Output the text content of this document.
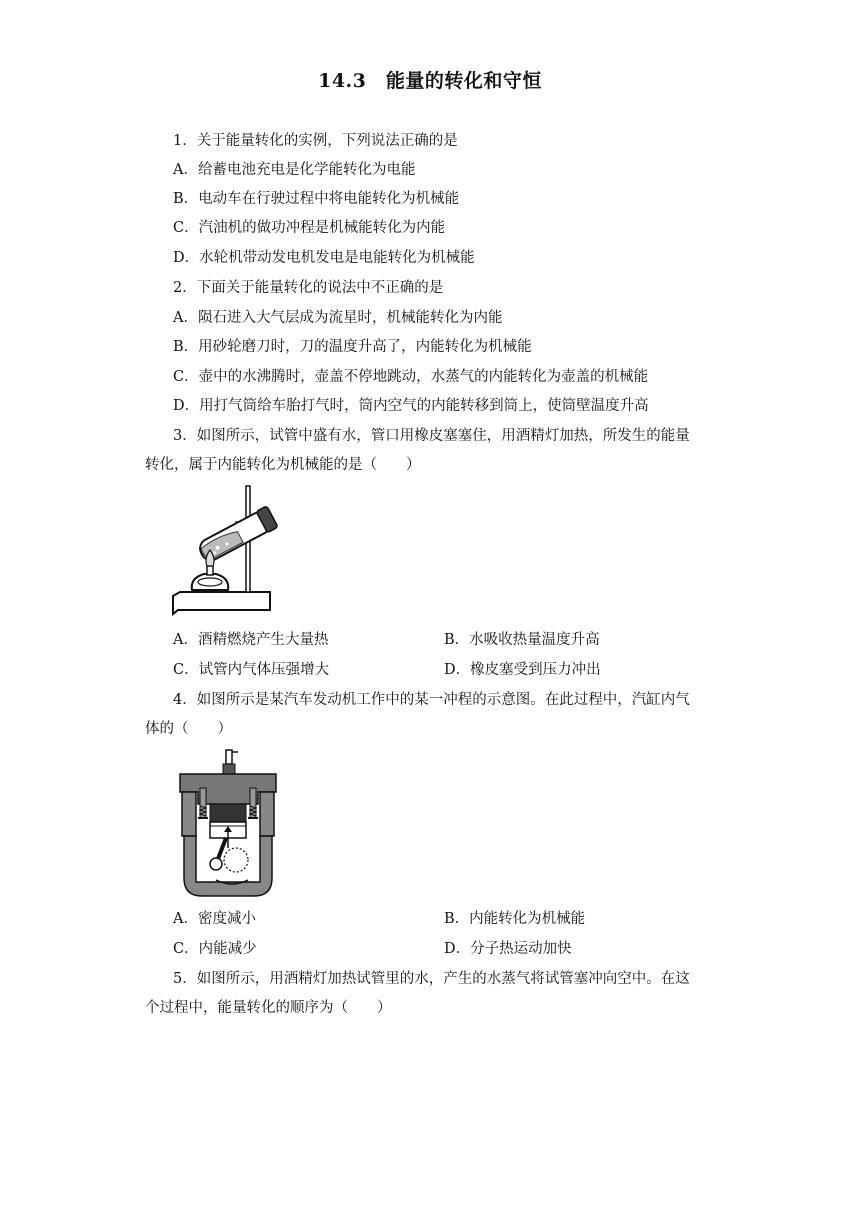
14.3　能量的转化和守恒
1．关于能量转化的实例，下列说法正确的是
A．给蓄电池充电是化学能转化为电能
B．电动车在行驶过程中将电能转化为机械能
C．汽油机的做功冲程是机械能转化为内能
D．水轮机带动发电机发电是电能转化为机械能
2．下面关于能量转化的说法中不正确的是
A．陨石进入大气层成为流星时，机械能转化为内能
B．用砂轮磨刀时，刀的温度升高了，内能转化为机械能
C．壶中的水沸腾时，壶盖不停地跳动，水蒸气的内能转化为壶盖的机械能
D．用打气筒给车胎打气时，筒内空气的内能转移到筒上，使筒壁温度升高
3．如图所示，试管中盛有水，管口用橡皮塞塞住，用酒精灯加热，所发生的能量
转化，属于内能转化为机械能的是（　　）
A．酒精燃烧产生大量热	B．水吸收热量温度升高
C．试管内气体压强增大	D．橡皮塞受到压力冲出
4．如图所示是某汽车发动机工作中的某一冲程的示意图。在此过程中，汽缸内气
体的（　　）
A．密度减小	B．内能转化为机械能
C．内能减少	D．分子热运动加快
5．如图所示，用酒精灯加热试管里的水，产生的水蒸气将试管塞冲向空中。在这
个过程中，能量转化的顺序为（　　）
